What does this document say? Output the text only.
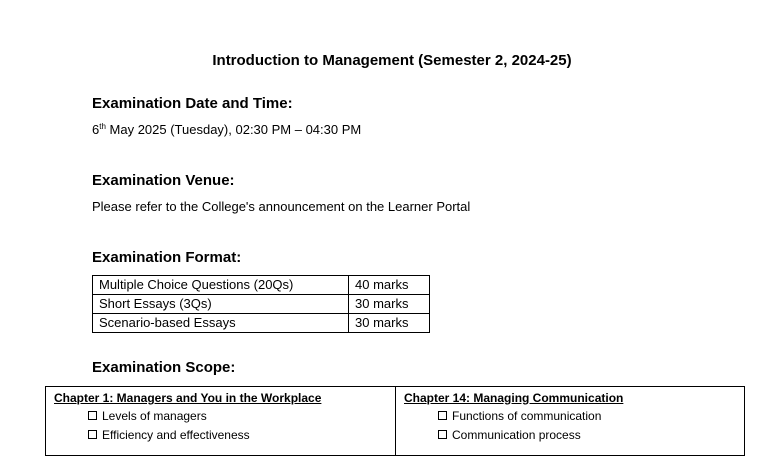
Introduction to Management (Semester 2, 2024-25)
Examination Date and Time:
6th May 2025 (Tuesday), 02:30 PM – 04:30 PM
Examination Venue:
Please refer to the College's announcement on the Learner Portal
Examination Format:
Multiple Choice Questions (20Qs)	40 marks
Short Essays (3Qs)	30 marks
Scenario-based Essays	30 marks
Examination Scope:
Chapter 1: Managers and You in the Workplace
Levels of managers
Efficiency and effectiveness
Chapter 14: Managing Communication
Functions of communication
Communication process
